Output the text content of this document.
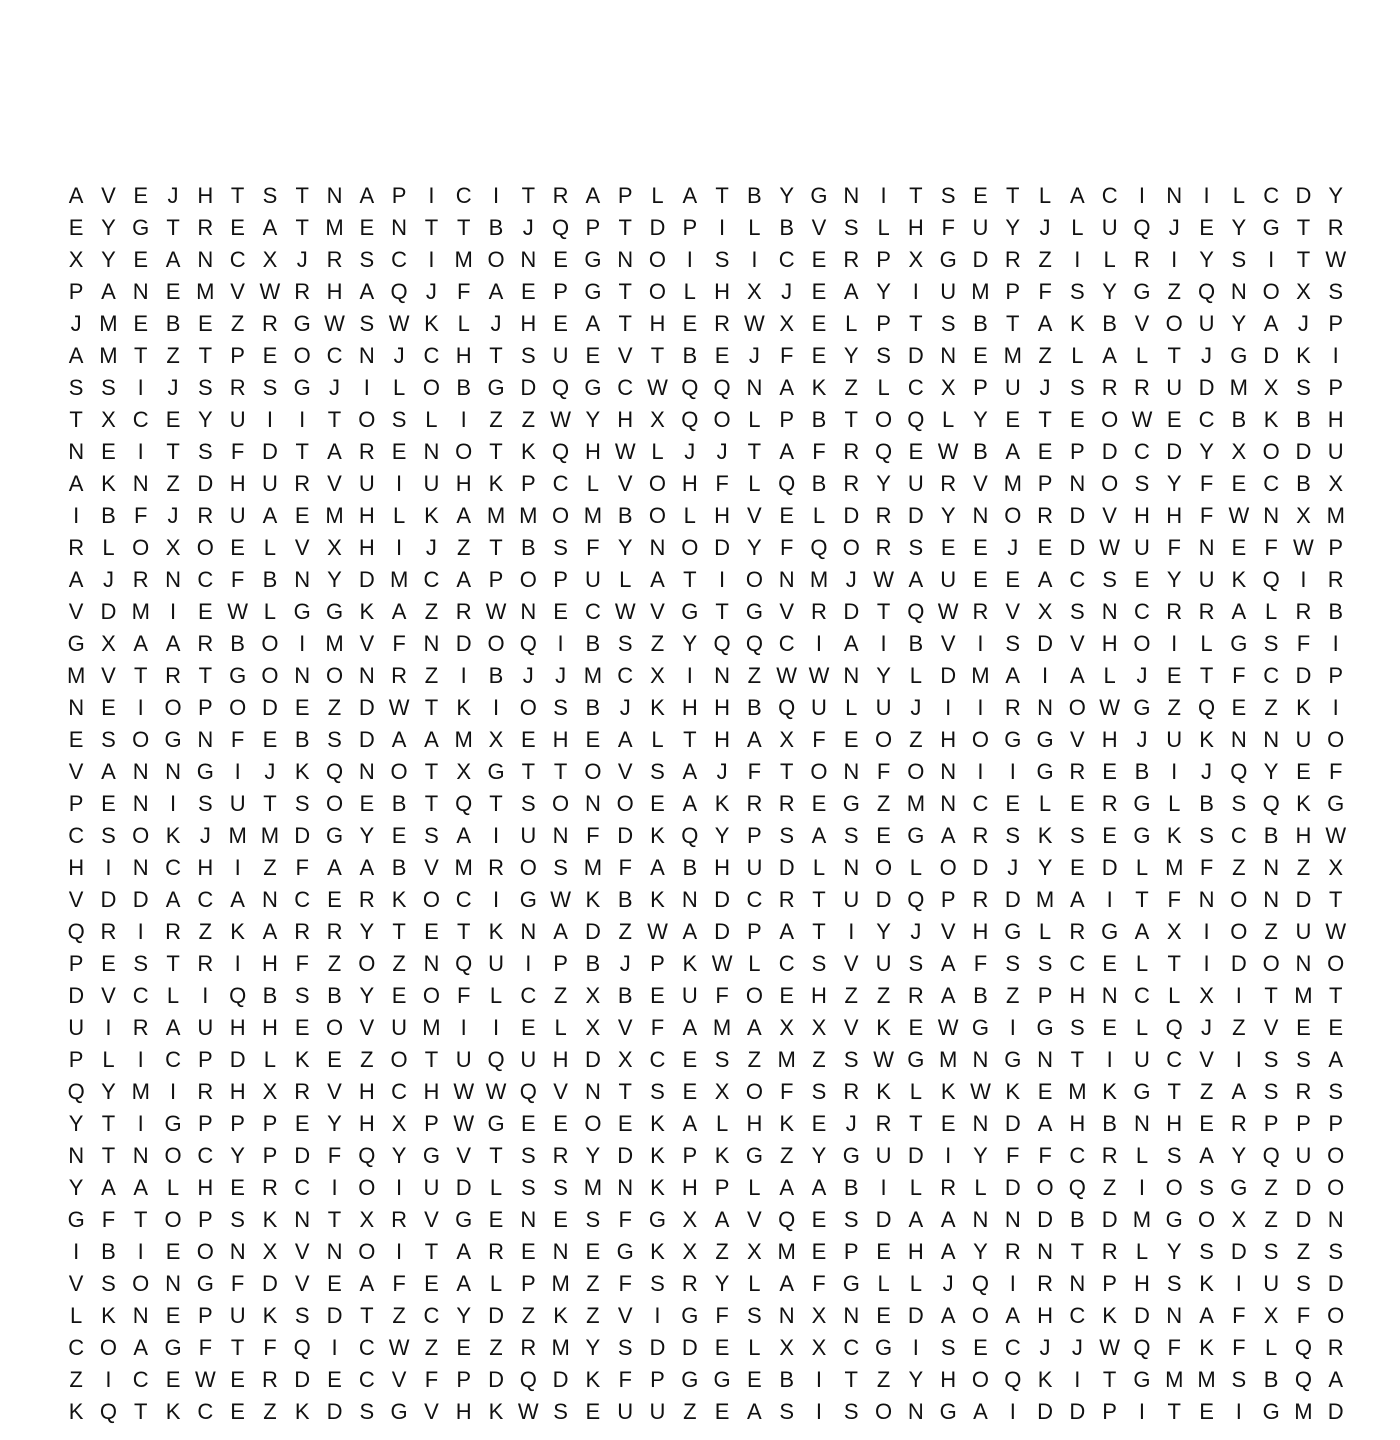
A V E J H T S T N A P I C I	T R A P L A T B Y G N I	T S E T L A C I N I	L C D Y
E Y G T R E A T M E N T T B J Q P T D P I	L B V S L H F U Y J L U Q J E Y G T R
X Y E A N C X J R S C I M O N E G N O I S I C E R P X G D R Z	I	L R I Y S I	T W
P A N E M V W R H A Q J F A E P G T O L H X J E A Y I U M P F S Y G Z Q N O X S
J M E B E Z R G W S W K L J H E A T H E R W X E L P T S B T A K B V O U Y A J P
A M T Z T P E O C N J C H T S U E V T B E J F E Y S D N E M Z L A L T J G D K I
S S I	J S R S G J	I	L O B G D Q G C W Q Q N A K Z L C X P U J S R R U D M X S P
T X C E Y U I	I	T O S L	I	Z Z W Y H X Q O L P B T O Q L Y E T E O W E C B K B H
N E I	T S F D T A R E N O T K Q H W L J J T A F R Q E W B A E P D C D Y X O D U
A K N Z D H U R V U I U H K P C L V O H F L Q B R Y U R V M P N O S Y F E C B X
I B F J R U A E M H L K A M M O M B O L H V E L D R D Y N O R D V H H F W N X M
R L O X O E L V X H I	J Z T B S F Y N O D Y F Q O R S E E J E D W U F N E F W P
A J R N C F B N Y D M C A P O P U L A T	I O N M J W A U E E A C S E Y U K Q I R
V D M I E W L G G K A Z R W N E C W V G T G V R D T Q W R V X S N C R R A L R B
G X A A R B O I M V F N D O Q I B S Z Y Q Q C I A I B V I S D V H O I	L G S F	I
M V T R T G O N O N R Z	I B J J M C X I N Z W W N Y L D M A I A L J E T F C D P
N E I O P O D E Z D W T K I O S B J K H H B Q U L U J	I	I R N O W G Z Q E Z K I
E S O G N F E B S D A A M X E H E A L T H A X F E O Z H O G G V H J U K N N U O
V A N N G I	J K Q N O T X G T T O V S A J F T O N F O N I	I G R E B I	J Q Y E F
P E N I S U T S O E B T Q T S O N O E A K R R E G Z M N C E L E R G L B S Q K G
C S O K J M M D G Y E S A I U N F D K Q Y P S A S E G A R S K S E G K S C B H W
H I N C H I	Z F A A B V M R O S M F A B H U D L N O L O D J Y E D L M F Z N Z X
V D D A C A N C E R K O C I G W K B K N D C R T U D Q P R D M A I	T F N O N D T
Q R I R Z K A R R Y T E T K N A D Z W A D P A T	I Y J V H G L R G A X I O Z U W
P E S T R I H F Z O Z N Q U I P B J P K W L C S V U S A F S S C E L T	I D O N O
D V C L	I Q B S B Y E O F L C Z X B E U F O E H Z Z R A B Z P H N C L X I	T M T
U I R A U H H E O V U M I	I E L X V F A M A X X V K E W G I G S E L Q J Z V E E
P L	I C P D L K E Z O T U Q U H D X C E S Z M Z S W G M N G N T	I U C V I S S A
Q Y M I R H X R V H C H W W Q V N T S E X O F S R K L K W K E M K G T Z A S R S
Y T	I G P P P E Y H X P W G E E O E K A L H K E J R T E N D A H B N H E R P P P
N T N O C Y P D F Q Y G V T S R Y D K P K G Z Y G U D I Y F F C R L S A Y Q U O
Y A A L H E R C I O I U D L S S M N K H P L A A B I	L R L D O Q Z	I O S G Z D O
G F T O P S K N T X R V G E N E S F G X A V Q E S D A A N N D B D M G O X Z D N
I B I E O N X V N O I	T A R E N E G K X Z X M E P E H A Y R N T R L Y S D S Z S
V S O N G F D V E A F E A L P M Z F S R Y L A F G L L J Q I R N P H S K I U S D
L K N E P U K S D T Z C Y D Z K Z V I G F S N X N E D A O A H C K D N A F X F O
C O A G F T F Q I C W Z E Z R M Y S D D E L X X C G I S E C J J W Q F K F L Q R
Z	I C E W E R D E C V F P D Q D K F P G G E B I	T Z Y H O Q K I	T G M M S B Q A
K Q T K C E Z K D S G V H K W S E U U Z E A S I S O N G A I D D P I	T E I G M D
